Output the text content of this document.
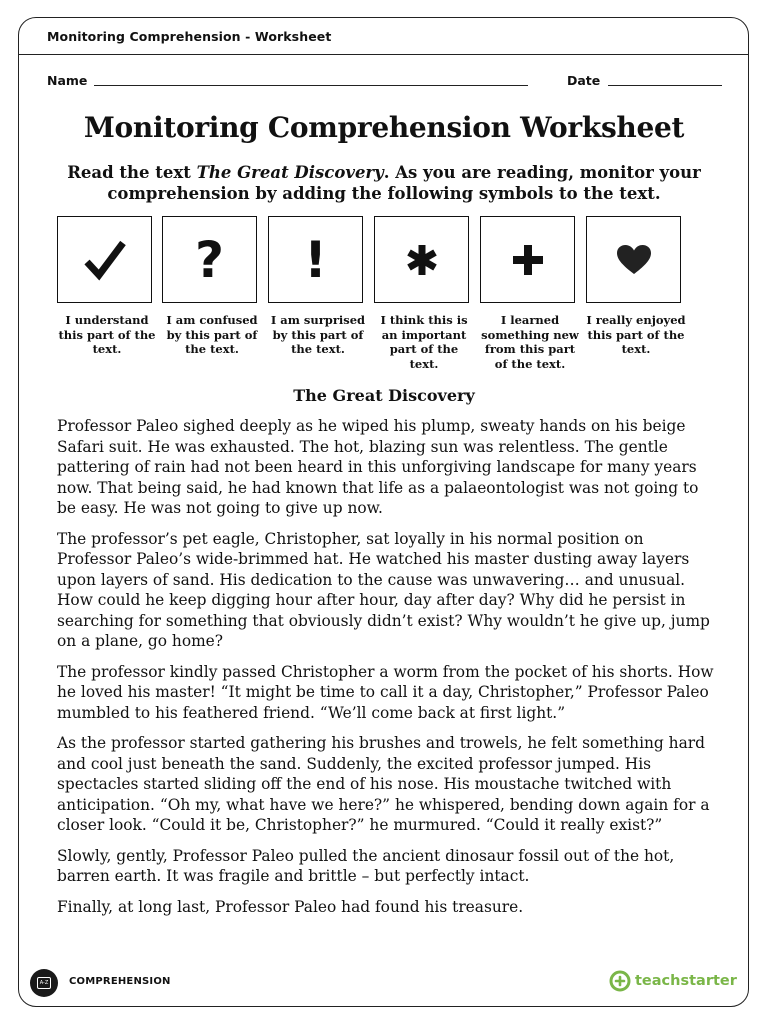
Monitoring Comprehension - Worksheet
Name	Date
Monitoring Comprehension Worksheet
Read the text The Great Discovery. As you are reading, monitor your comprehension by adding the following symbols to the text.
I understand this part of the text.
?
I am confused by this part of the text.
!
I am surprised by this part of the text.
I think this is an important part of the text.
I learned something new from this part of the text.
I really enjoyed this part of the text.
The Great Discovery

Professor Paleo sighed deeply as he wiped his plump, sweaty hands on his beige Safari suit. He was exhausted. The hot, blazing sun was relentless. The gentle pattering of rain had not been heard in this unforgiving landscape for many years now. That being said, he had known that life as a palaeontologist was not going to be easy. He was not going to give up now.

The professor’s pet eagle, Christopher, sat loyally in his normal position on Professor Paleo’s wide-brimmed hat. He watched his master dusting away layers upon layers of sand. His dedication to the cause was unwavering… and unusual. How could he keep digging hour after hour, day after day? Why did he persist in searching for something that obviously didn’t exist? Why wouldn’t he give up, jump on a plane, go home?

The professor kindly passed Christopher a worm from the pocket of his shorts. How he loved his master! “It might be time to call it a day, Christopher,” Professor Paleo mumbled to his feathered friend. “We’ll come back at first light.”

As the professor started gathering his brushes and trowels, he felt something hard and cool just beneath the sand. Suddenly, the excited professor jumped. His spectacles started sliding off the end of his nose. His moustache twitched with anticipation. “Oh my, what have we here?” he whispered, bending down again for a closer look. “Could it be, Christopher?” he murmured. “Could it really exist?”

Slowly, gently, Professor Paleo pulled the ancient dinosaur fossil out of the hot, barren earth. It was fragile and brittle – but perfectly intact.

Finally, at long last, Professor Paleo had found his treasure.

A-Z COMPREHENSION	teachstarter
